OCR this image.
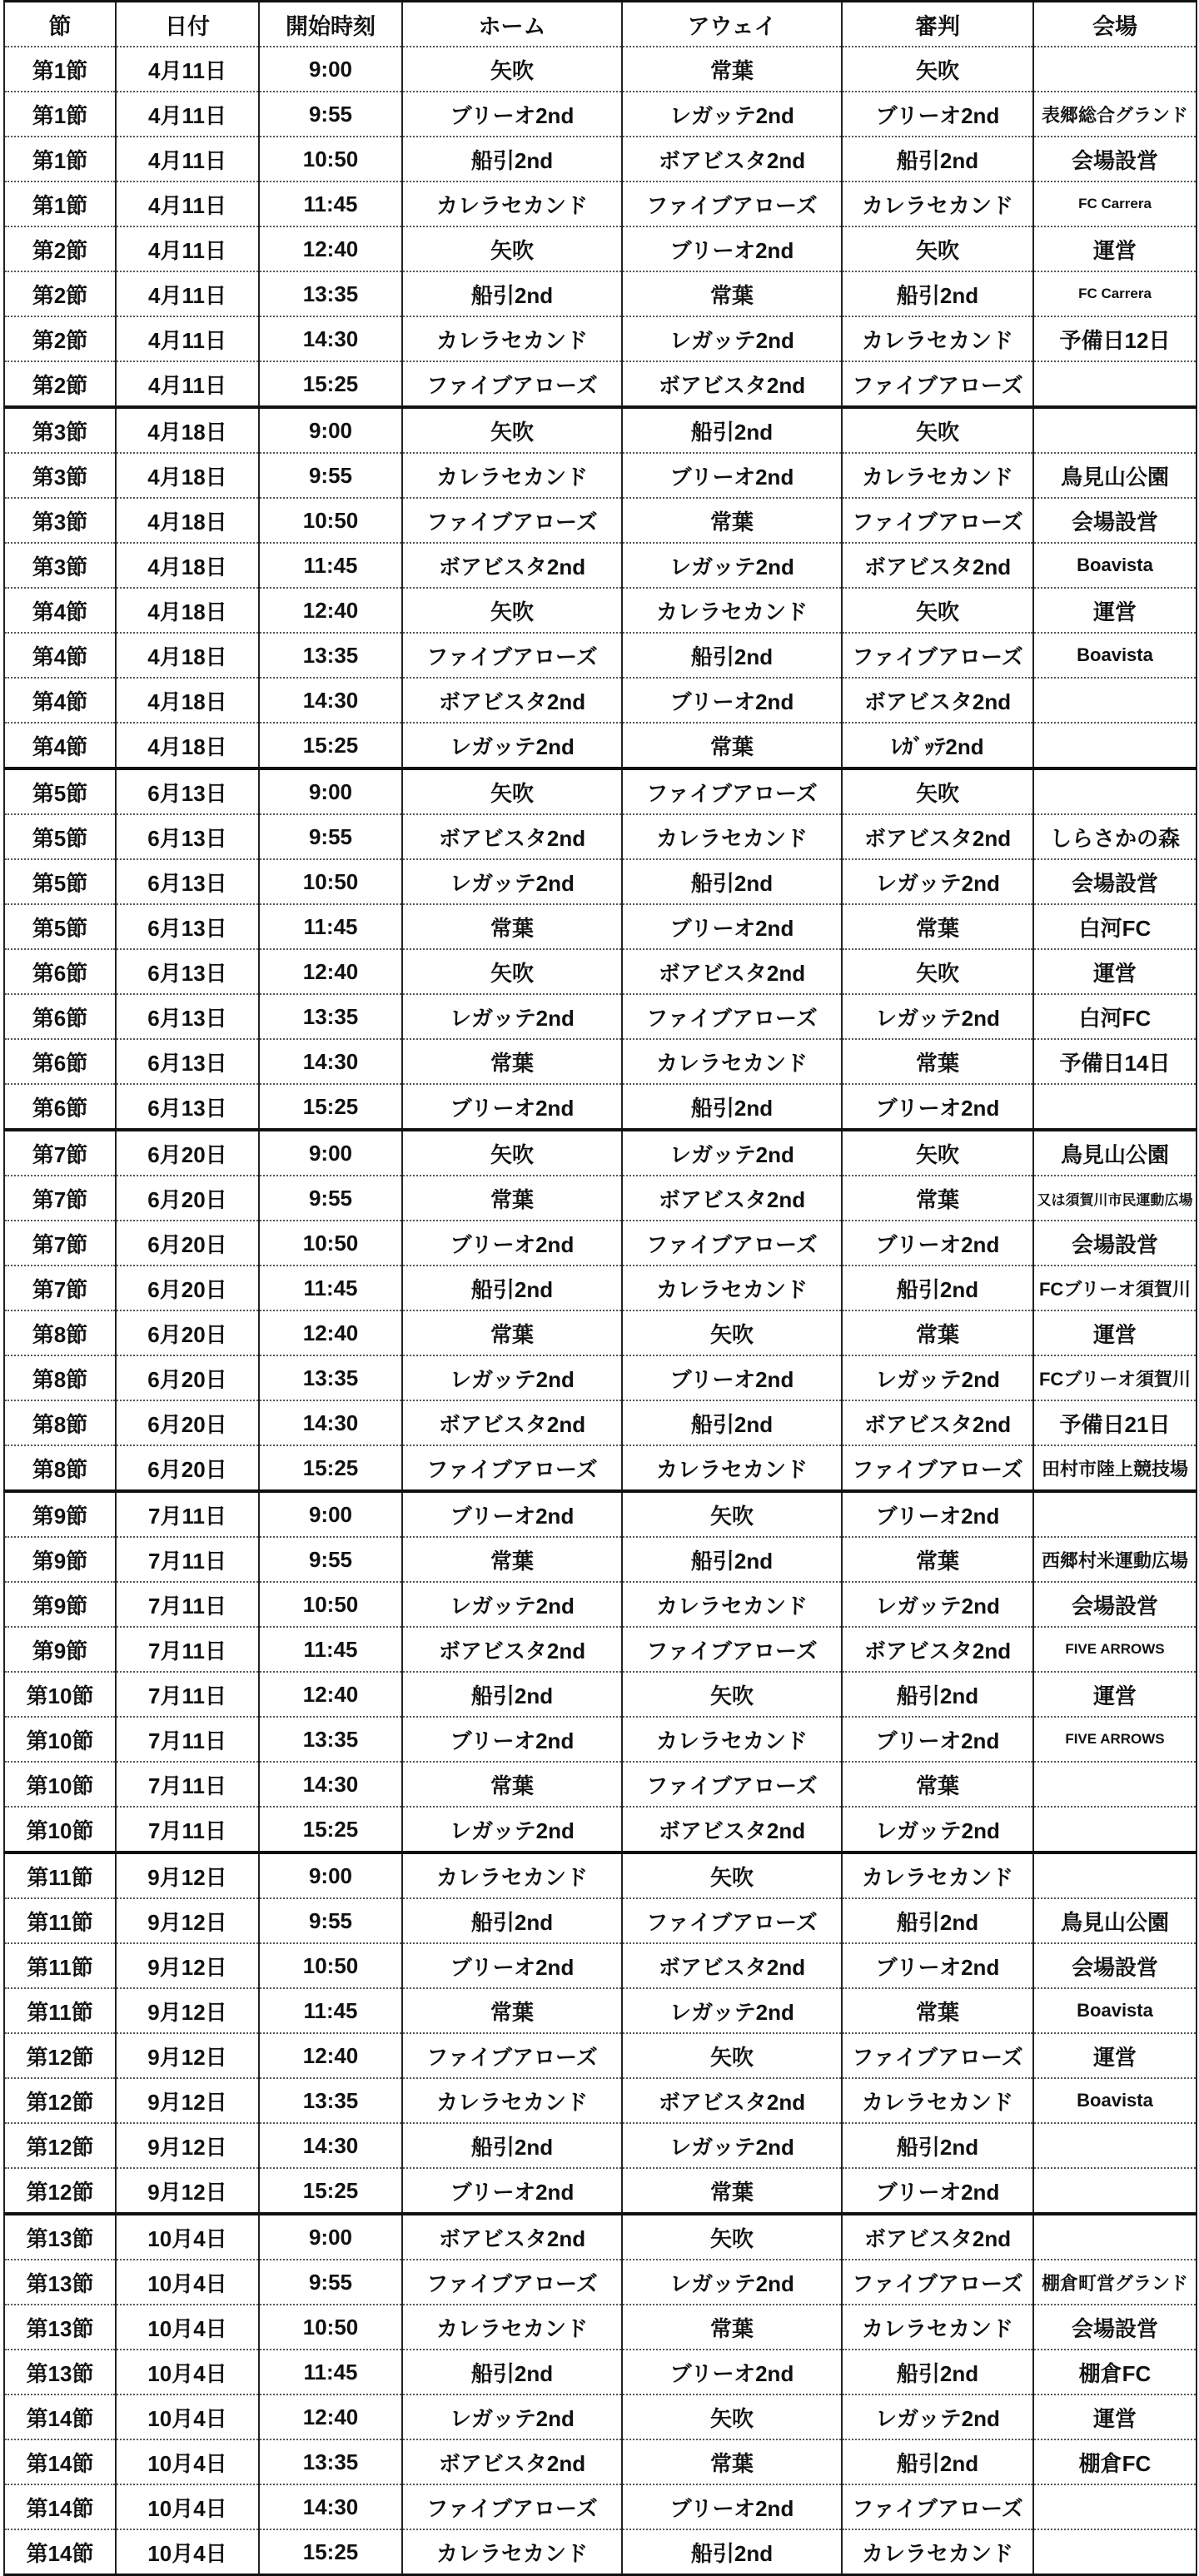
節	日付	開始時刻	ホーム	アウェイ	審判	会場
第1節	4月11日	9:00	矢吹	常葉	矢吹	
第1節	4月11日	9:55	ブリーオ2nd	レガッテ2nd	ブリーオ2nd	表郷総合グランド
第1節	4月11日	10:50	船引2nd	ボアビスタ2nd	船引2nd	会場設営
第1節	4月11日	11:45	カレラセカンド	ファイブアローズ	カレラセカンド	FC Carrera
第2節	4月11日	12:40	矢吹	ブリーオ2nd	矢吹	運営
第2節	4月11日	13:35	船引2nd	常葉	船引2nd	FC Carrera
第2節	4月11日	14:30	カレラセカンド	レガッテ2nd	カレラセカンド	予備日12日
第2節	4月11日	15:25	ファイブアローズ	ボアビスタ2nd	ファイブアローズ	
第3節	4月18日	9:00	矢吹	船引2nd	矢吹	
第3節	4月18日	9:55	カレラセカンド	ブリーオ2nd	カレラセカンド	鳥見山公園
第3節	4月18日	10:50	ファイブアローズ	常葉	ファイブアローズ	会場設営
第3節	4月18日	11:45	ボアビスタ2nd	レガッテ2nd	ボアビスタ2nd	Boavista
第4節	4月18日	12:40	矢吹	カレラセカンド	矢吹	運営
第4節	4月18日	13:35	ファイブアローズ	船引2nd	ファイブアローズ	Boavista
第4節	4月18日	14:30	ボアビスタ2nd	ブリーオ2nd	ボアビスタ2nd	
第4節	4月18日	15:25	レガッテ2nd	常葉	ﾚｶﾞｯﾃ2nd	
第5節	6月13日	9:00	矢吹	ファイブアローズ	矢吹	
第5節	6月13日	9:55	ボアビスタ2nd	カレラセカンド	ボアビスタ2nd	しらさかの森
第5節	6月13日	10:50	レガッテ2nd	船引2nd	レガッテ2nd	会場設営
第5節	6月13日	11:45	常葉	ブリーオ2nd	常葉	白河FC
第6節	6月13日	12:40	矢吹	ボアビスタ2nd	矢吹	運営
第6節	6月13日	13:35	レガッテ2nd	ファイブアローズ	レガッテ2nd	白河FC
第6節	6月13日	14:30	常葉	カレラセカンド	常葉	予備日14日
第6節	6月13日	15:25	ブリーオ2nd	船引2nd	ブリーオ2nd	
第7節	6月20日	9:00	矢吹	レガッテ2nd	矢吹	鳥見山公園
第7節	6月20日	9:55	常葉	ボアビスタ2nd	常葉	又は須賀川市民運動広場
第7節	6月20日	10:50	ブリーオ2nd	ファイブアローズ	ブリーオ2nd	会場設営
第7節	6月20日	11:45	船引2nd	カレラセカンド	船引2nd	FCブリーオ須賀川
第8節	6月20日	12:40	常葉	矢吹	常葉	運営
第8節	6月20日	13:35	レガッテ2nd	ブリーオ2nd	レガッテ2nd	FCブリーオ須賀川
第8節	6月20日	14:30	ボアビスタ2nd	船引2nd	ボアビスタ2nd	予備日21日
第8節	6月20日	15:25	ファイブアローズ	カレラセカンド	ファイブアローズ	田村市陸上競技場
第9節	7月11日	9:00	ブリーオ2nd	矢吹	ブリーオ2nd	
第9節	7月11日	9:55	常葉	船引2nd	常葉	西郷村米運動広場
第9節	7月11日	10:50	レガッテ2nd	カレラセカンド	レガッテ2nd	会場設営
第9節	7月11日	11:45	ボアビスタ2nd	ファイブアローズ	ボアビスタ2nd	FIVE ARROWS
第10節	7月11日	12:40	船引2nd	矢吹	船引2nd	運営
第10節	7月11日	13:35	ブリーオ2nd	カレラセカンド	ブリーオ2nd	FIVE ARROWS
第10節	7月11日	14:30	常葉	ファイブアローズ	常葉	
第10節	7月11日	15:25	レガッテ2nd	ボアビスタ2nd	レガッテ2nd	
第11節	9月12日	9:00	カレラセカンド	矢吹	カレラセカンド	
第11節	9月12日	9:55	船引2nd	ファイブアローズ	船引2nd	鳥見山公園
第11節	9月12日	10:50	ブリーオ2nd	ボアビスタ2nd	ブリーオ2nd	会場設営
第11節	9月12日	11:45	常葉	レガッテ2nd	常葉	Boavista
第12節	9月12日	12:40	ファイブアローズ	矢吹	ファイブアローズ	運営
第12節	9月12日	13:35	カレラセカンド	ボアビスタ2nd	カレラセカンド	Boavista
第12節	9月12日	14:30	船引2nd	レガッテ2nd	船引2nd	
第12節	9月12日	15:25	ブリーオ2nd	常葉	ブリーオ2nd	
第13節	10月4日	9:00	ボアビスタ2nd	矢吹	ボアビスタ2nd	
第13節	10月4日	9:55	ファイブアローズ	レガッテ2nd	ファイブアローズ	棚倉町営グランド
第13節	10月4日	10:50	カレラセカンド	常葉	カレラセカンド	会場設営
第13節	10月4日	11:45	船引2nd	ブリーオ2nd	船引2nd	棚倉FC
第14節	10月4日	12:40	レガッテ2nd	矢吹	レガッテ2nd	運営
第14節	10月4日	13:35	ボアビスタ2nd	常葉	船引2nd	棚倉FC
第14節	10月4日	14:30	ファイブアローズ	ブリーオ2nd	ファイブアローズ	
第14節	10月4日	15:25	カレラセカンド	船引2nd	カレラセカンド	
